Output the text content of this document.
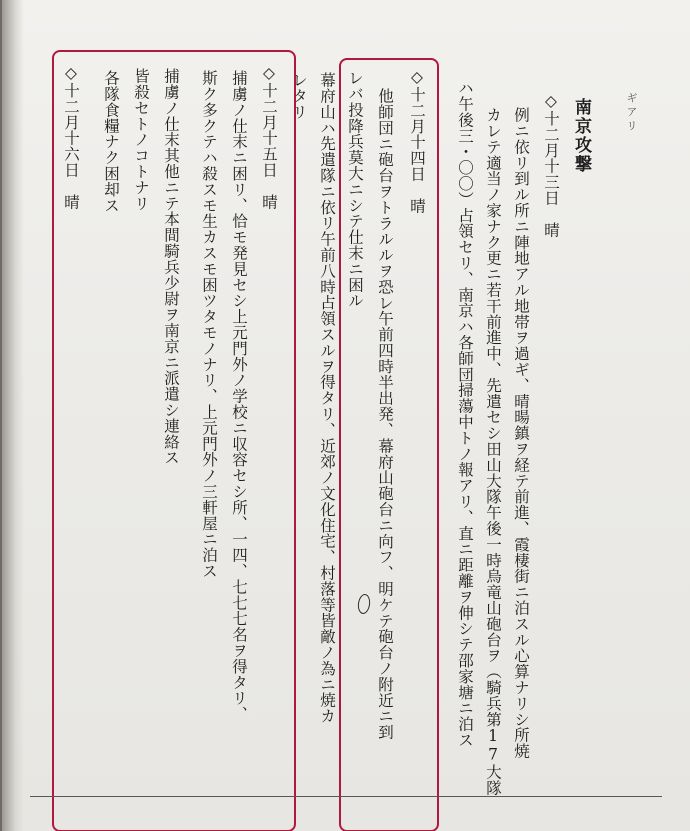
ギアリ
南京攻撃
◇十二月十三日　晴
例ニ依リ到ル所ニ陣地アル地帯ヲ過ギ、晴暘鎮ヲ経テ前進、霞棲街ニ泊スル心算ナリシ所焼
カレテ適当ノ家ナク更ニ若干前進中、先遣セシ田山大隊午後一時烏竜山砲台ヲ（騎兵第17大隊
ハ午後三・〇〇）占領セリ、南京ハ各師団掃蕩中トノ報アリ、直ニ距離ヲ伸シテ邵家塘ニ泊ス
◇十二月十四日　晴
他師団ニ砲台ヲトラルルヲ恐レ午前四時半出発、幕府山砲台ニ向フ、明ケテ砲台ノ附近ニ到
レバ投降兵莫大ニシテ仕末ニ困ル
幕府山ハ先遣隊ニ依リ午前八時占領スルヲ得タリ、近郊ノ文化住宅、村落等皆敵ノ為ニ焼カ
レタリ
◇十二月十五日　晴
捕虜ノ仕末ニ困リ、恰モ発見セシ上元門外ノ学校ニ収容セシ所、一四、七七七名ヲ得タリ、
斯ク多クテハ殺スモ生カスモ困ツタモノナリ、上元門外ノ三軒屋ニ泊ス
捕虜ノ仕末其他ニテ本間騎兵少尉ヲ南京ニ派遣シ連絡ス
皆殺セトノコトナリ
各隊食糧ナク困却ス
◇十二月十六日　晴
